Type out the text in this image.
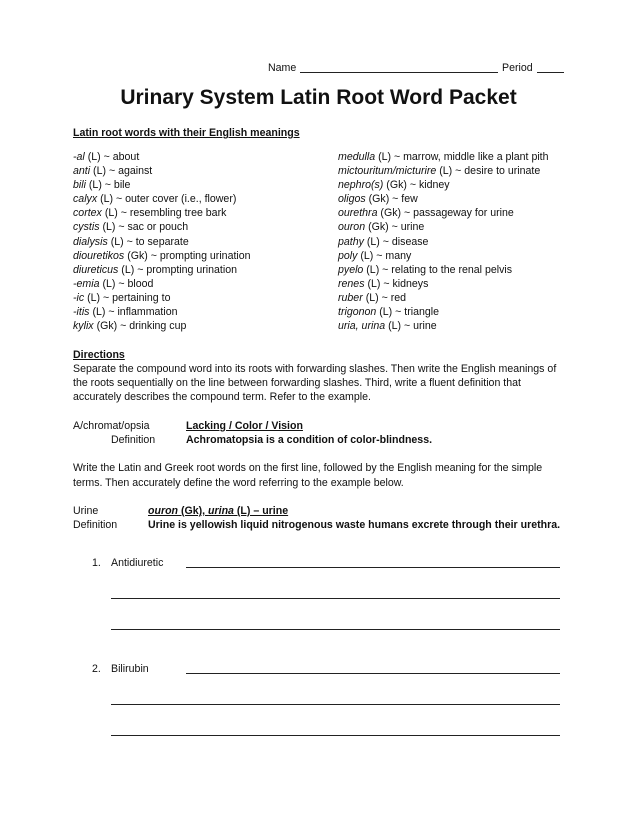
Name	Period
Urinary System Latin Root Word Packet
Latin root words with their English meanings
-al (L) ~ about
anti (L) ~ against
bili (L) ~ bile
calyx (L) ~ outer cover (i.e., flower)
cortex (L) ~ resembling tree bark
cystis (L) ~ sac or pouch
dialysis (L) ~ to separate
diouretikos (Gk) ~ prompting urination
diureticus (L) ~ prompting urination
-emia (L) ~ blood
-ic (L) ~ pertaining to
-itis (L) ~ inflammation
kylix (Gk) ~ drinking cup
medulla (L) ~ marrow, middle like a plant pith
mictouritum/micturire (L) ~ desire to urinate
nephro(s) (Gk) ~ kidney
oligos (Gk) ~ few
ourethra (Gk) ~ passageway for urine
ouron (Gk) ~ urine
pathy (L) ~ disease
poly (L) ~ many
pyelo (L) ~ relating to the renal pelvis
renes (L) ~ kidneys
ruber (L) ~ red
trigonon (L) ~ triangle
uria, urina (L) ~ urine
Directions
Separate the compound word into its roots with forwarding slashes. Then write the English meanings of
the roots sequentially on the line between forwarding slashes. Third, write a fluent definition that
accurately describes the compound term. Refer to the example.
A/chromat/opsia	Lacking / Color / Vision
Definition	Achromatopsia is a condition of color-blindness.
Write the Latin and Greek root words on the first line, followed by the English meaning for the simple
terms. Then accurately define the word referring to the example below.
Urine	ouron (Gk), urina (L) – urine
Definition	Urine is yellowish liquid nitrogenous waste humans excrete through their urethra.
1. Antidiuretic
2. Bilirubin
